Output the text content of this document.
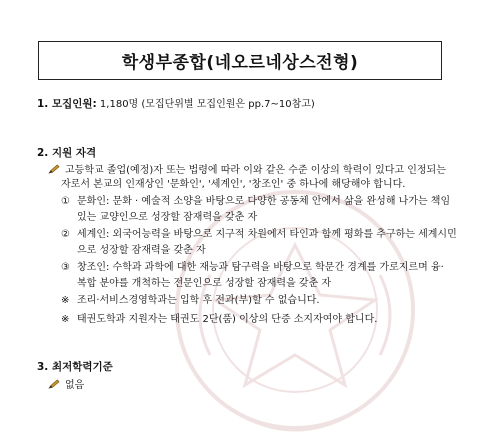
학생부종합(네오르네상스전형)
1. 모집인원: 1,180명 (모집단위별 모집인원은 pp.7~10참고)
2. 지원 자격
고등학교 졸업(예정)자 또는 법령에 따라 이와 같은 수준 이상의 학력이 있다고 인정되는
자로서 본교의 인재상인 '문화인', '세계인', '창조인' 중 하나에 해당해야 합니다.
① 문화인: 문화 · 예술적 소양을 바탕으로 다양한 공동체 안에서 삶을 완성해 나가는 책임
있는 교양인으로 성장할 잠재력을 갖춘 자
② 세계인: 외국어능력을 바탕으로 지구적 차원에서 타인과 함께 평화를 추구하는 세계시민
으로 성장할 잠재력을 갖춘 자
③ 창조인: 수학과 과학에 대한 재능과 탐구력을 바탕으로 학문간 경계를 가로지르며 융·
복합 분야를 개척하는 전문인으로 성장할 잠재력을 갖춘 자
※ 조리·서비스경영학과는 입학 후 전과(부)할 수 없습니다.
※ 태권도학과 지원자는 태권도 2단(품) 이상의 단증 소지자여야 합니다.
3. 최저학력기준
없음
